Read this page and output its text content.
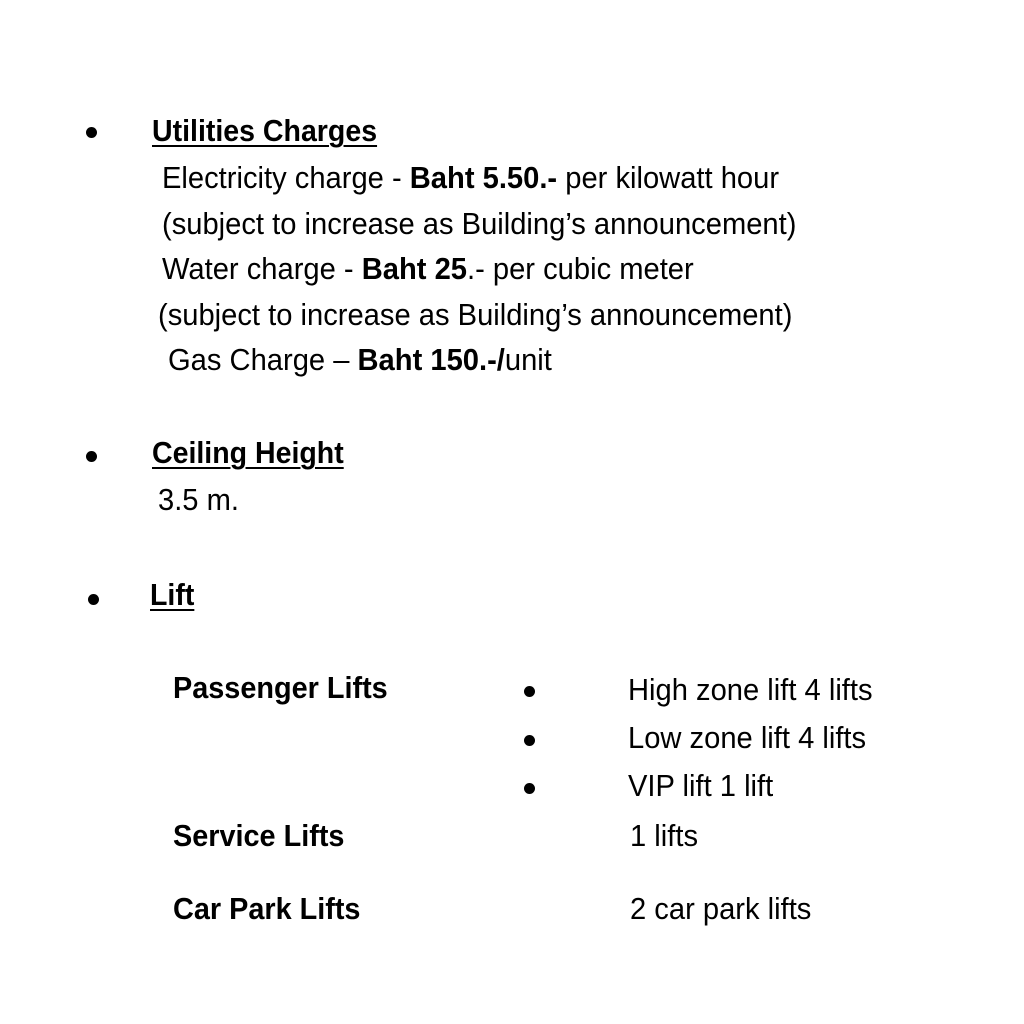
Utilities Charges
Electricity charge - Baht 5.50.- per kilowatt hour
(subject to increase as Building’s announcement)
Water charge - Baht 25.- per cubic meter
(subject to increase as Building’s announcement)
Gas Charge – Baht 150.-/unit
Ceiling Height
3.5 m.
Lift
Passenger Lifts	High zone lift 4 lifts
Low zone lift 4 lifts
VIP lift 1 lift
Service Lifts	1 lifts
Car Park Lifts	2 car park lifts
